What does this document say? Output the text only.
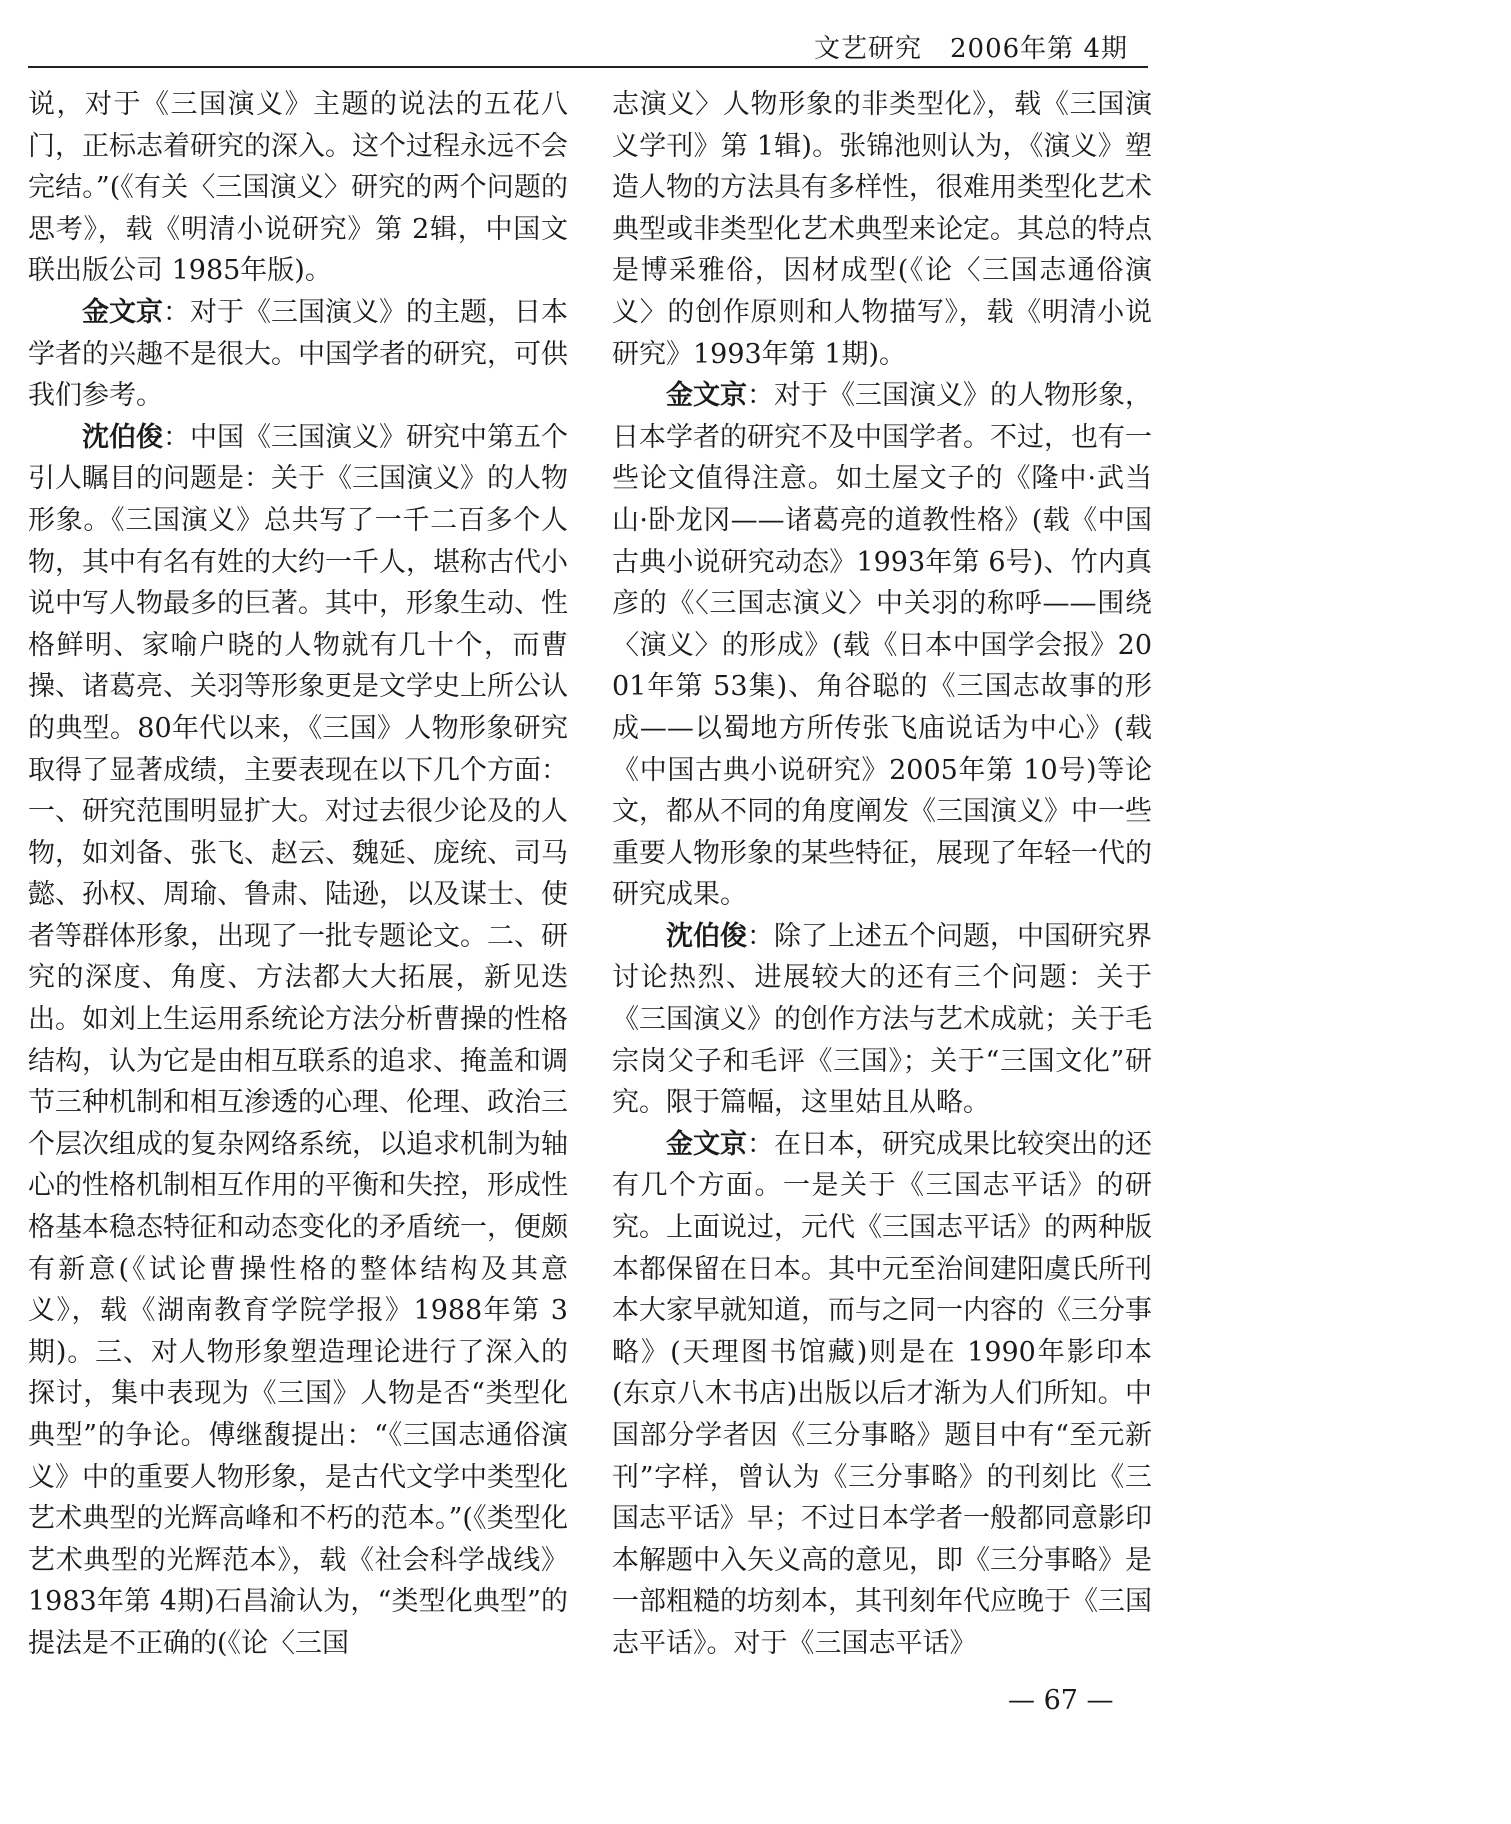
文艺研究 2006年第 4期

说，对于《三国演义》主题的说法的五花八门，正标志着研究的深入。这个过程永远不会完结。”(《有关〈三国演义〉研究的两个问题的思考》，载《明清小说研究》第 2辑，中国文联出版公司 1985年版)。

金文京：对于《三国演义》的主题，日本学者的兴趣不是很大。中国学者的研究，可供我们参考。

沈伯俊：中国《三国演义》研究中第五个引人瞩目的问题是：关于《三国演义》的人物形象。《三国演义》总共写了一千二百多个人物，其中有名有姓的大约一千人，堪称古代小说中写人物最多的巨著。其中，形象生动、性格鲜明、家喻户晓的人物就有几十个，而曹操、诸葛亮、关羽等形象更是文学史上所公认的典型。80年代以来，《三国》人物形象研究取得了显著成绩，主要表现在以下几个方面：一、研究范围明显扩大。对过去很少论及的人物，如刘备、张飞、赵云、魏延、庞统、司马懿、孙权、周瑜、鲁肃、陆逊，以及谋士、使者等群体形象，出现了一批专题论文。二、研究的深度、角度、方法都大大拓展，新见迭出。如刘上生运用系统论方法分析曹操的性格结构，认为它是由相互联系的追求、掩盖和调节三种机制和相互渗透的心理、伦理、政治三个层次组成的复杂网络系统，以追求机制为轴心的性格机制相互作用的平衡和失控，形成性格基本稳态特征和动态变化的矛盾统一，便颇有新意(《试论曹操性格的整体结构及其意义》，载《湖南教育学院学报》1988年第 3期)。三、对人物形象塑造理论进行了深入的探讨，集中表现为《三国》人物是否“类型化典型”的争论。傅继馥提出：“《三国志通俗演义》中的重要人物形象，是古代文学中类型化艺术典型的光辉高峰和不朽的范本。”(《类型化艺术典型的光辉范本》，载《社会科学战线》1983年第 4期)石昌渝认为，“类型化典型”的提法是不正确的(《论〈三国

志演义〉人物形象的非类型化》，载《三国演义学刊》第 1辑)。张锦池则认为，《演义》塑造人物的方法具有多样性，很难用类型化艺术典型或非类型化艺术典型来论定。其总的特点是博采雅俗，因材成型(《论〈三国志通俗演义〉的创作原则和人物描写》，载《明清小说研究》1993年第 1期)。

金文京：对于《三国演义》的人物形象，日本学者的研究不及中国学者。不过，也有一些论文值得注意。如土屋文子的《隆中·武当山·卧龙冈——诸葛亮的道教性格》(载《中国古典小说研究动态》1993年第 6号)、竹内真彦的《〈三国志演义〉中关羽的称呼——围绕〈演义〉的形成》(载《日本中国学会报》2001年第 53集)、角谷聪的《三国志故事的形成——以蜀地方所传张飞庙说话为中心》(载《中国古典小说研究》2005年第 10号)等论文，都从不同的角度阐发《三国演义》中一些重要人物形象的某些特征，展现了年轻一代的研究成果。

沈伯俊：除了上述五个问题，中国研究界讨论热烈、进展较大的还有三个问题：关于《三国演义》的创作方法与艺术成就；关于毛宗岗父子和毛评《三国》；关于“三国文化”研究。限于篇幅，这里姑且从略。

金文京：在日本，研究成果比较突出的还有几个方面。一是关于《三国志平话》的研究。上面说过，元代《三国志平话》的两种版本都保留在日本。其中元至治间建阳虞氏所刊本大家早就知道，而与之同一内容的《三分事略》(天理图书馆藏)则是在 1990年影印本(东京八木书店)出版以后才渐为人们所知。中国部分学者因《三分事略》题目中有“至元新刊”字样，曾认为《三分事略》的刊刻比《三国志平话》早；不过日本学者一般都同意影印本解题中入矢义高的意见，即《三分事略》是一部粗糙的坊刻本，其刊刻年代应晚于《三国志平话》。对于《三国志平话》

— 67 —
